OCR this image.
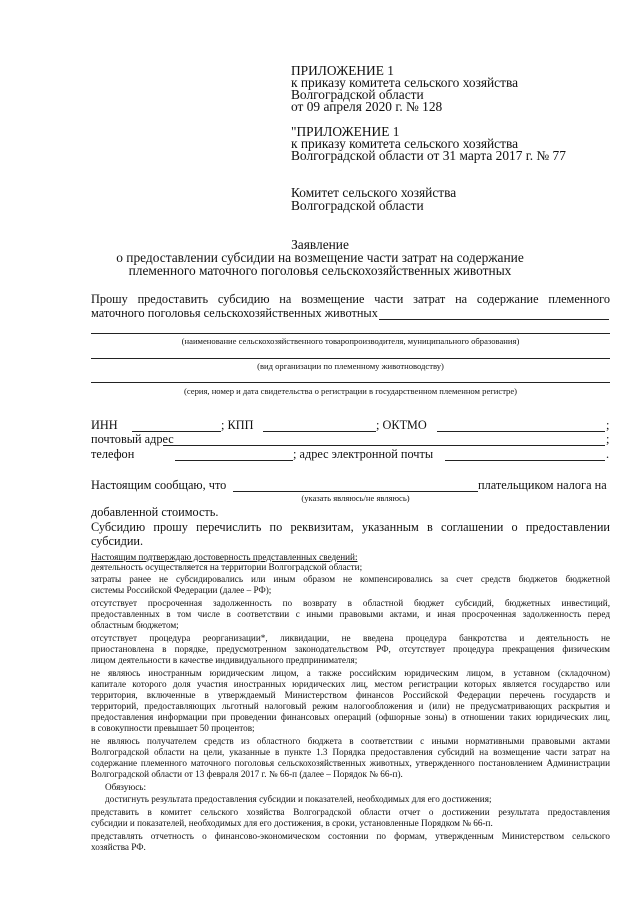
ПРИЛОЖЕНИЕ 1
к приказу комитета сельского хозяйства
Волгоградской области
от 09 апреля 2020 г. № 128
"ПРИЛОЖЕНИЕ 1
к приказу комитета сельского хозяйства
Волгоградской области от 31 марта 2017 г. № 77
Комитет сельского хозяйства
Волгоградской области
Заявление
о предоставлении субсидии на возмещение части затрат на содержание
племенного маточного поголовья сельскохозяйственных животных
Прошу предоставить субсидию на возмещение части затрат на содержание племенного
маточного поголовья сельскохозяйственных животных
(наименование сельскохозяйственного товаропроизводителя, муниципального образования)
(вид организации по племенному животноводству)
(серия, номер и дата свидетельства о регистрации в государственном племенном регистре)
ИНН	; КПП	; ОКТМО	;
почтовый адрес	;
телефон	; адрес электронной почты	.
Настоящим сообщаю, что	плательщиком налога на
(указать являюсь/не являюсь)
добавленной стоимость.
Субсидию прошу перечислить по реквизитам, указанным в соглашении о предоставлении
субсидии.
Настоящим подтверждаю достоверность представленных сведений:
деятельность осуществляется на территории Волгоградской области;
затраты ранее не субсидировались или иным образом не компенсировались за счет средств бюджетов бюджетной
системы Российской Федерации (далее – РФ);
отсутствует просроченная задолженность по возврату в областной бюджет субсидий, бюджетных инвестиций,
предоставленных в том числе в соответствии с иными правовыми актами, и иная просроченная задолженность перед
областным бюджетом;
отсутствует процедура реорганизации*, ликвидации, не введена процедура банкротства и деятельность не
приостановлена в порядке, предусмотренном законодательством РФ, отсутствует процедура прекращения физическим
лицом деятельности в качестве индивидуального предпринимателя;
не являюсь иностранным юридическим лицом, а также российским юридическим лицом, в уставном (складочном)
капитале которого доля участия иностранных юридических лиц, местом регистрации которых является государство или
территория, включенные в утверждаемый Министерством финансов Российской Федерации перечень государств и
территорий, предоставляющих льготный налоговый режим налогообложения и (или) не предусматривающих раскрытия и
предоставления информации при проведении финансовых операций (офшорные зоны) в отношении таких юридических лиц,
в совокупности превышает 50 процентов;
не являюсь получателем средств из областного бюджета в соответствии с иными нормативными правовыми актами
Волгоградской области на цели, указанные в пункте 1.3 Порядка предоставления субсидий на возмещение части затрат на
содержание племенного маточного поголовья сельскохозяйственных животных, утвержденного постановлением Администрации
Волгоградской области от 13 февраля 2017 г. № 66-п (далее – Порядок № 66-п).
Обязуюсь:
достигнуть результата предоставления субсидии и показателей, необходимых для его достижения;
представить в комитет сельского хозяйства Волгоградской области отчет о достижении результата предоставления
субсидии и показателей, необходимых для его достижения, в сроки, установленные Порядком № 66-п.
представлять отчетность о финансово-экономическом состоянии по формам, утвержденным Министерством сельского
хозяйства РФ.
